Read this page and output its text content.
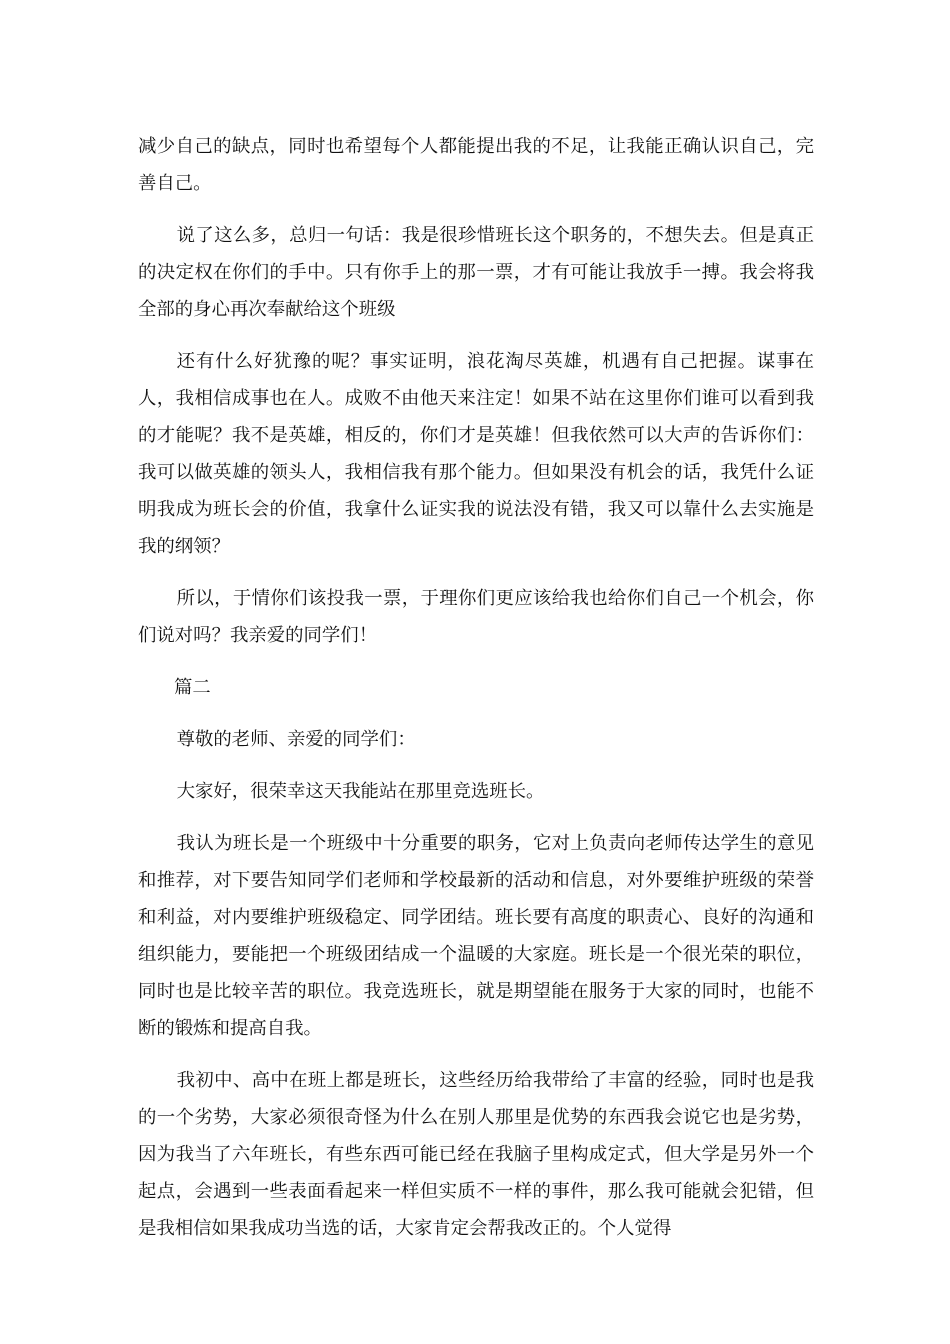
减少自己的缺点，同时也希望每个人都能提出我的不足，让我能正确认识自己，完善自己。

说了这么多，总归一句话：我是很珍惜班长这个职务的，不想失去。但是真正的决定权在你们的手中。只有你手上的那一票，才有可能让我放手一搏。我会将我全部的身心再次奉献给这个班级

还有什么好犹豫的呢？事实证明，浪花淘尽英雄，机遇有自己把握。谋事在人，我相信成事也在人。成败不由他天来注定！如果不站在这里你们谁可以看到我的才能呢？我不是英雄，相反的，你们才是英雄！但我依然可以大声的告诉你们：我可以做英雄的领头人，我相信我有那个能力。但如果没有机会的话，我凭什么证明我成为班长会的价值，我拿什么证实我的说法没有错，我又可以靠什么去实施是我的纲领？

所以，于情你们该投我一票，于理你们更应该给我也给你们自己一个机会，你们说对吗？我亲爱的同学们！

篇二

尊敬的老师、亲爱的同学们：

大家好，很荣幸这天我能站在那里竞选班长。

我认为班长是一个班级中十分重要的职务，它对上负责向老师传达学生的意见和推荐，对下要告知同学们老师和学校最新的活动和信息，对外要维护班级的荣誉和利益，对内要维护班级稳定、同学团结。班长要有高度的职责心、良好的沟通和组织能力，要能把一个班级团结成一个温暖的大家庭。班长是一个很光荣的职位，同时也是比较辛苦的职位。我竞选班长，就是期望能在服务于大家的同时，也能不断的锻炼和提高自我。

我初中、高中在班上都是班长，这些经历给我带给了丰富的经验，同时也是我的一个劣势，大家必须很奇怪为什么在别人那里是优势的东西我会说它也是劣势，因为我当了六年班长，有些东西可能已经在我脑子里构成定式，但大学是另外一个起点，会遇到一些表面看起来一样但实质不一样的事件，那么我可能就会犯错，但是我相信如果我成功当选的话，大家肯定会帮我改正的。个人觉得
